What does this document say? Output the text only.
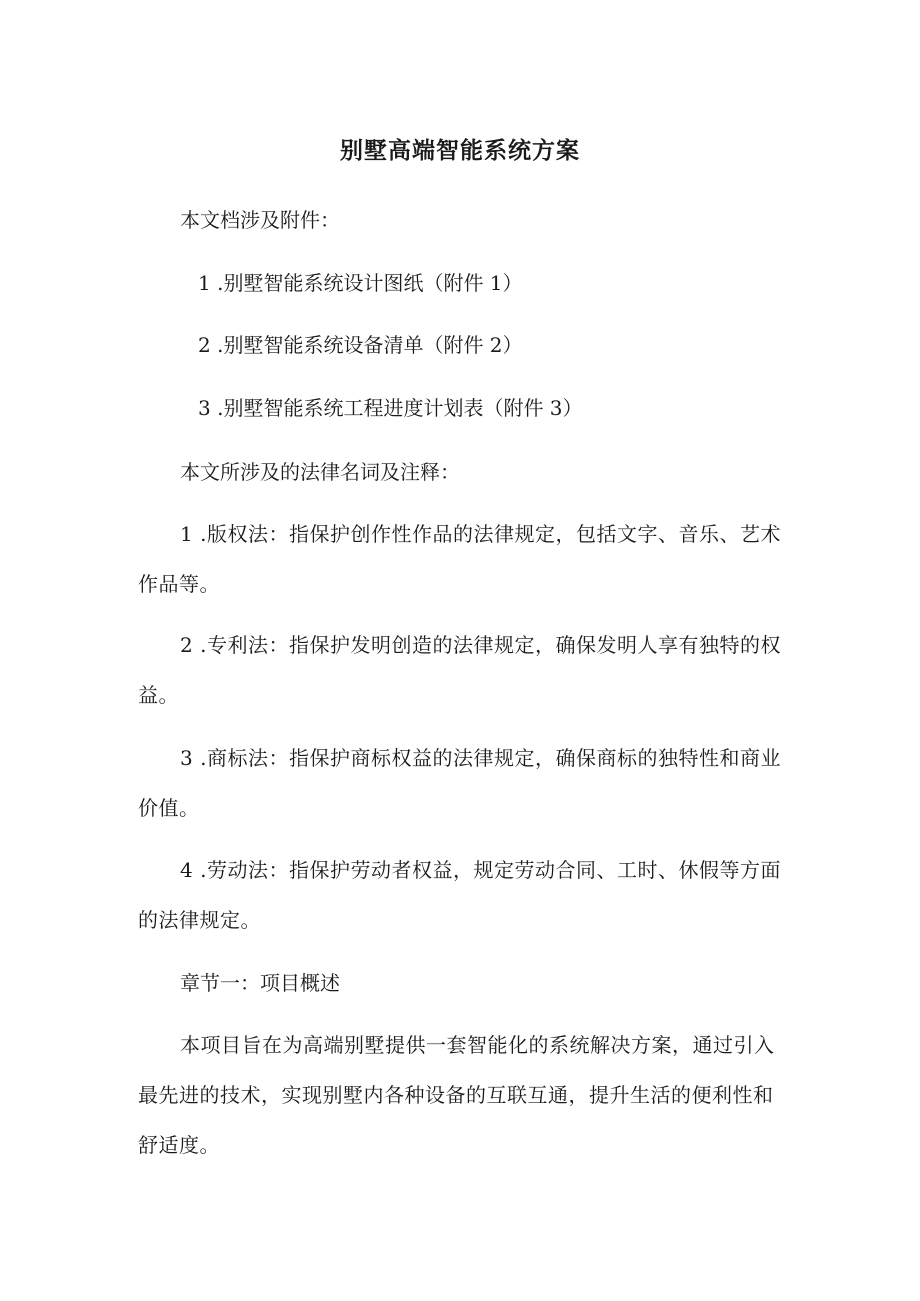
别墅高端智能系统方案

本文档涉及附件：

1 .别墅智能系统设计图纸（附件 1）

2 .别墅智能系统设备清单（附件 2）

3 .别墅智能系统工程进度计划表（附件 3）

本文所涉及的法律名词及注释：

1 .版权法：指保护创作性作品的法律规定，包括文字、音乐、艺术作品等。

2 .专利法：指保护发明创造的法律规定，确保发明人享有独特的权益。

3 .商标法：指保护商标权益的法律规定，确保商标的独特性和商业价值。

4 .劳动法：指保护劳动者权益，规定劳动合同、工时、休假等方面的法律规定。

章节一：项目概述

本项目旨在为高端别墅提供一套智能化的系统解决方案，通过引入最先进的技术，实现别墅内各种设备的互联互通，提升生活的便利性和舒适度。
